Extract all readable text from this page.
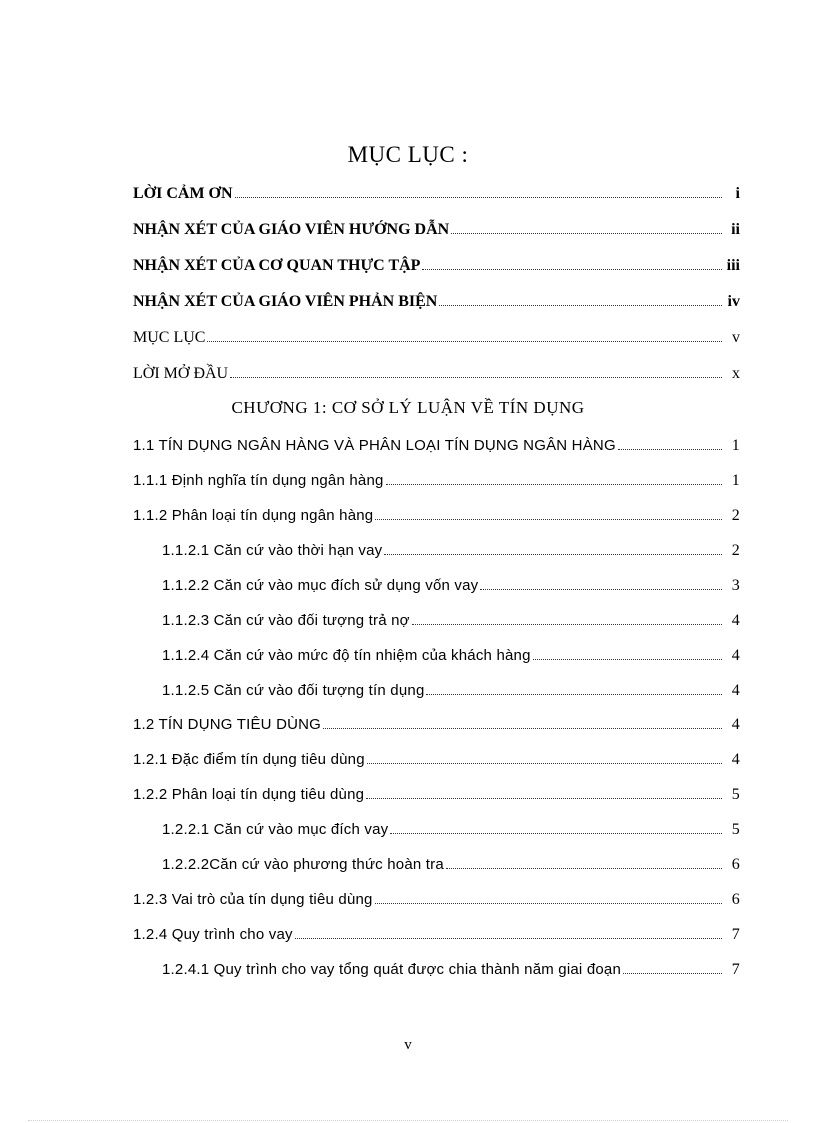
MỤC LỤC :
LỜI CẢM ƠN	i
NHẬN XÉT CỦA GIÁO VIÊN HƯỚNG DẪN	ii
NHẬN XÉT CỦA CƠ QUAN THỰC TẬP	iii
NHẬN XÉT CỦA GIÁO VIÊN PHẢN BIỆN	iv
MỤC LỤC	v
LỜI MỞ ĐẦU	x
CHƯƠNG 1: CƠ SỞ LÝ LUẬN VỀ TÍN DỤNG
1.1 TÍN DỤNG NGÂN HÀNG VÀ PHÂN LOẠI TÍN DỤNG NGÂN HÀNG	1
1.1.1 Định nghĩa tín dụng ngân hàng	1
1.1.2 Phân loại tín dụng ngân hàng	2
1.1.2.1 Căn cứ vào thời hạn vay	2
1.1.2.2 Căn cứ vào mục đích sử dụng vốn vay	3
1.1.2.3 Căn cứ vào đối tượng trả nợ	4
1.1.2.4 Căn cứ vào mức độ tín nhiệm của khách hàng	4
1.1.2.5 Căn cứ vào đối tượng tín dụng	4
1.2 TÍN DỤNG TIÊU DÙNG	4
1.2.1 Đặc điểm tín dụng tiêu dùng	4
1.2.2 Phân loại tín dụng tiêu dùng	5
1.2.2.1 Căn cứ vào mục đích vay	5
1.2.2.2Căn cứ vào phương thức hoàn tra	6
1.2.3 Vai trò của tín dụng tiêu dùng	6
1.2.4 Quy trình cho vay	7
1.2.4.1 Quy trình cho vay tổng quát được chia thành năm giai đoạn	7
v
